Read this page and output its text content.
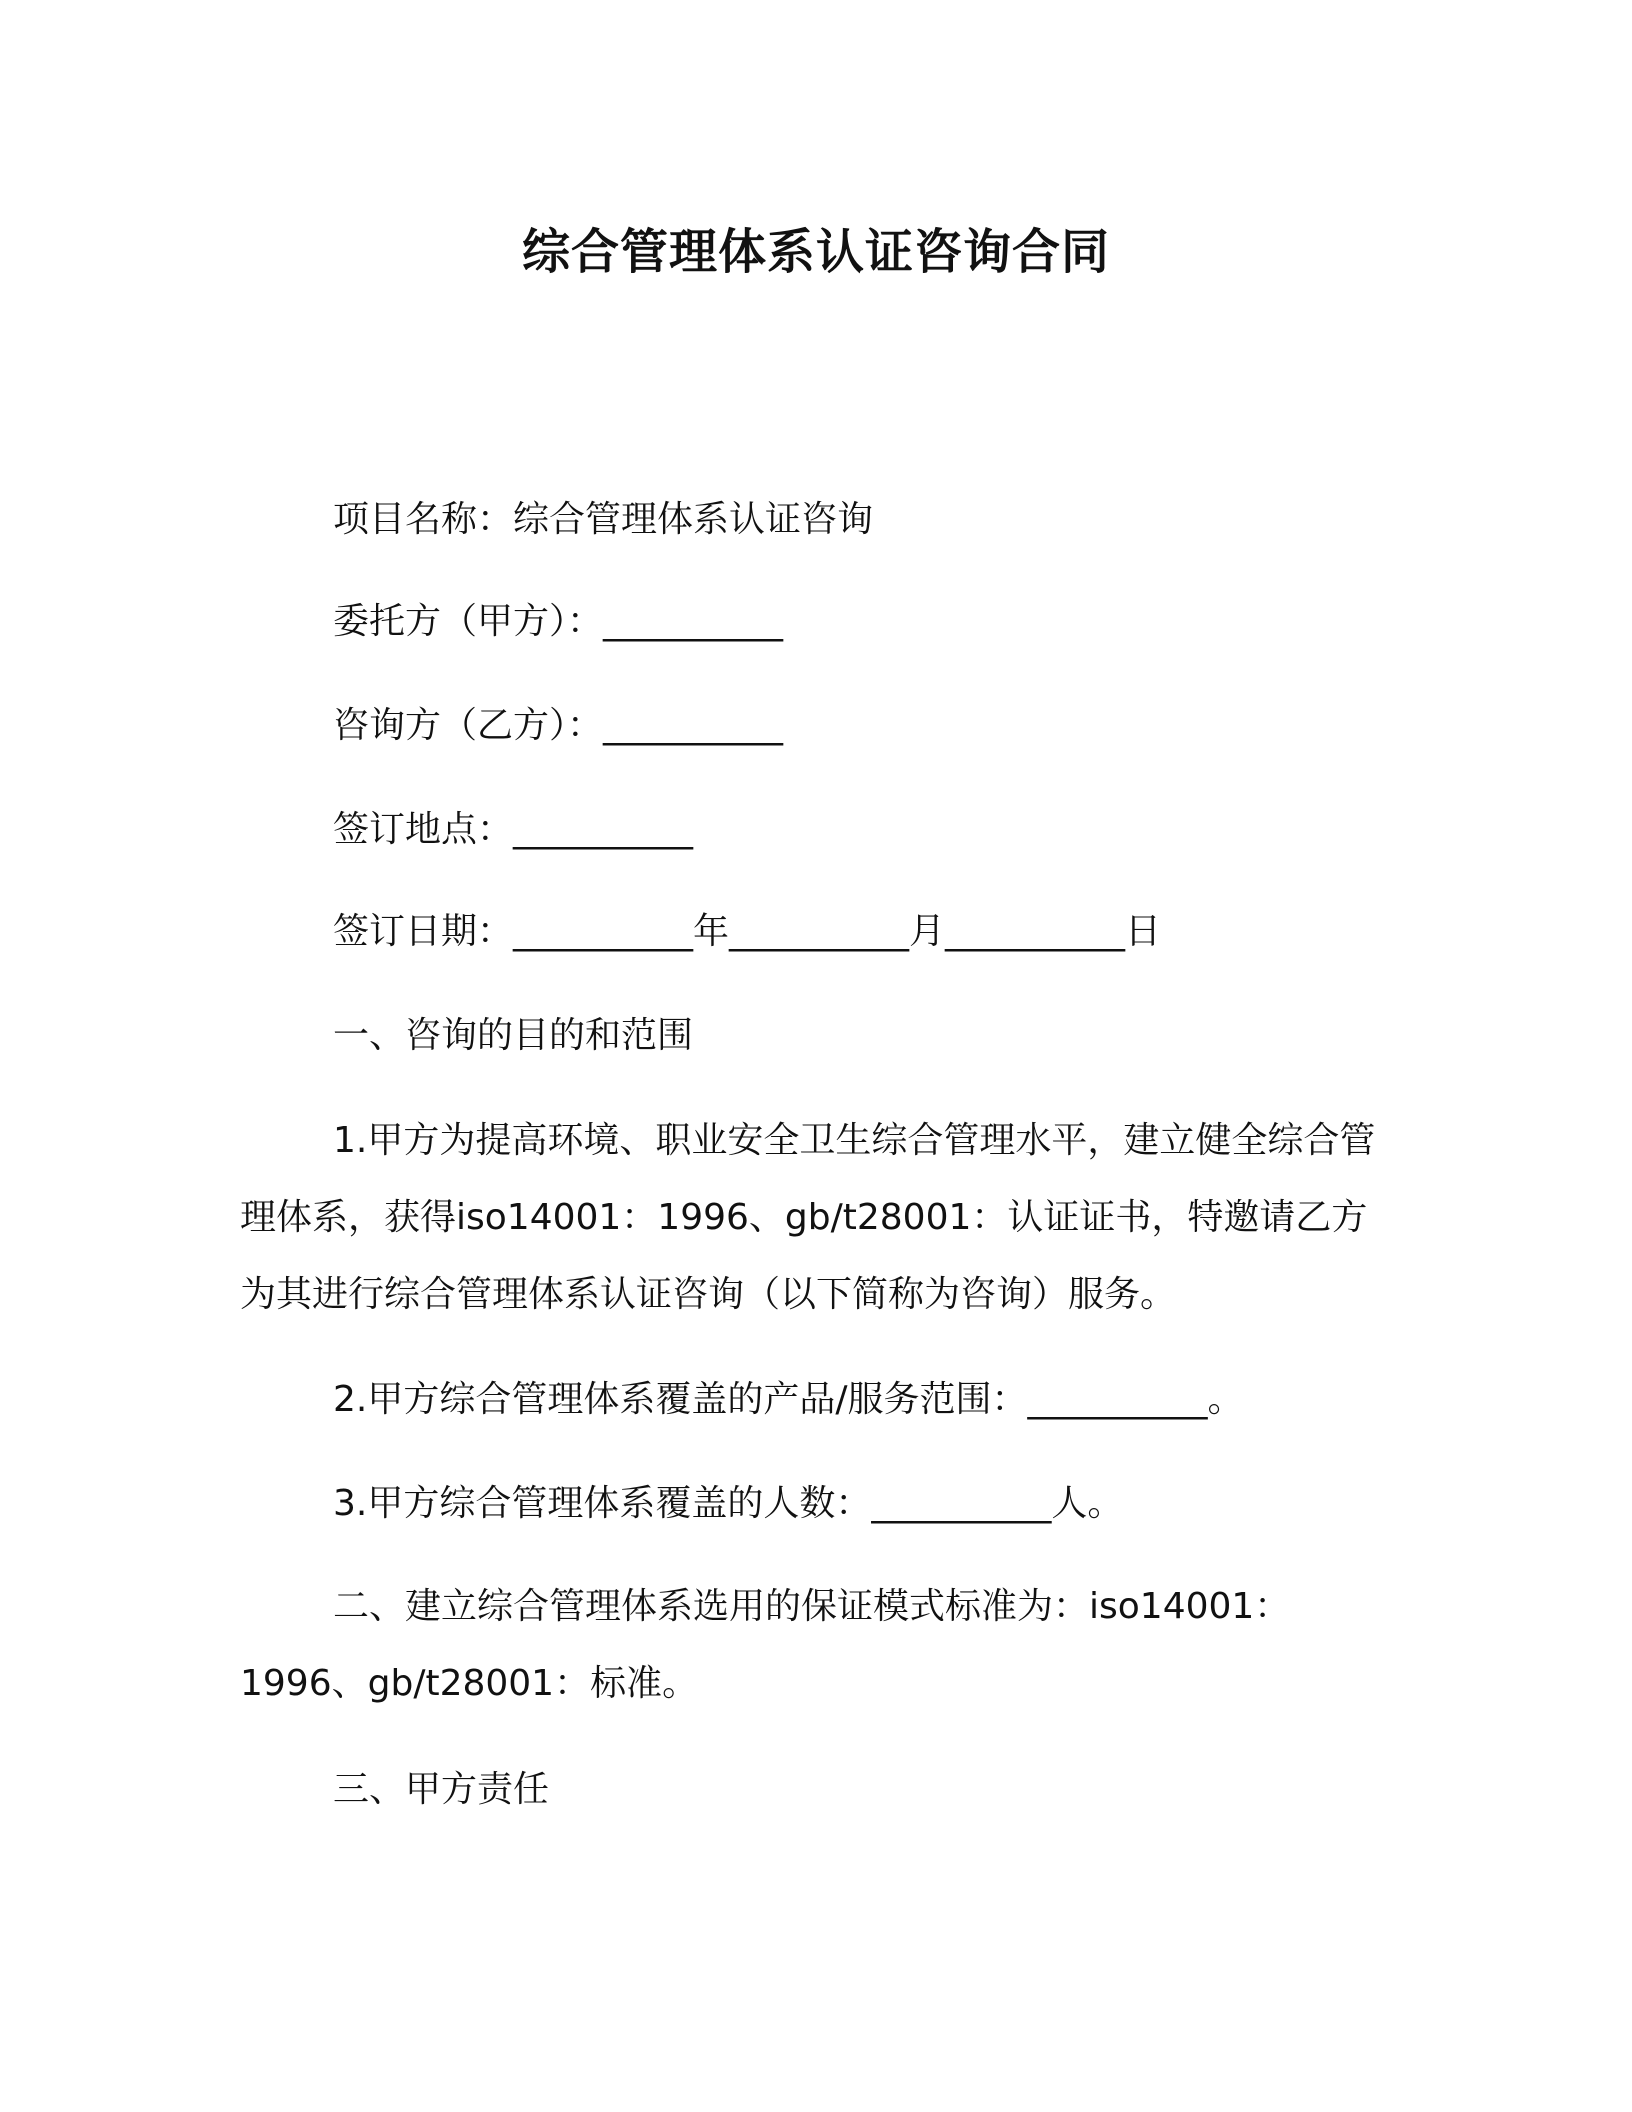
综合管理体系认证咨询合同
项目名称：综合管理体系认证咨询
委托方（甲方）：__________
咨询方（乙方）：__________
签订地点：__________
签订日期：__________年__________月__________日
一、咨询的目的和范围
1.甲方为提高环境、职业安全卫生综合管理水平，建立健全综合管理体系，获得iso14001：1996、gb/t28001：认证证书，特邀请乙方为其进行综合管理体系认证咨询（以下简称为咨询）服务。
2.甲方综合管理体系覆盖的产品/服务范围：__________。
3.甲方综合管理体系覆盖的人数：__________人。
二、建立综合管理体系选用的保证模式标准为：iso14001：1996、gb/t28001：标准。
三、甲方责任
